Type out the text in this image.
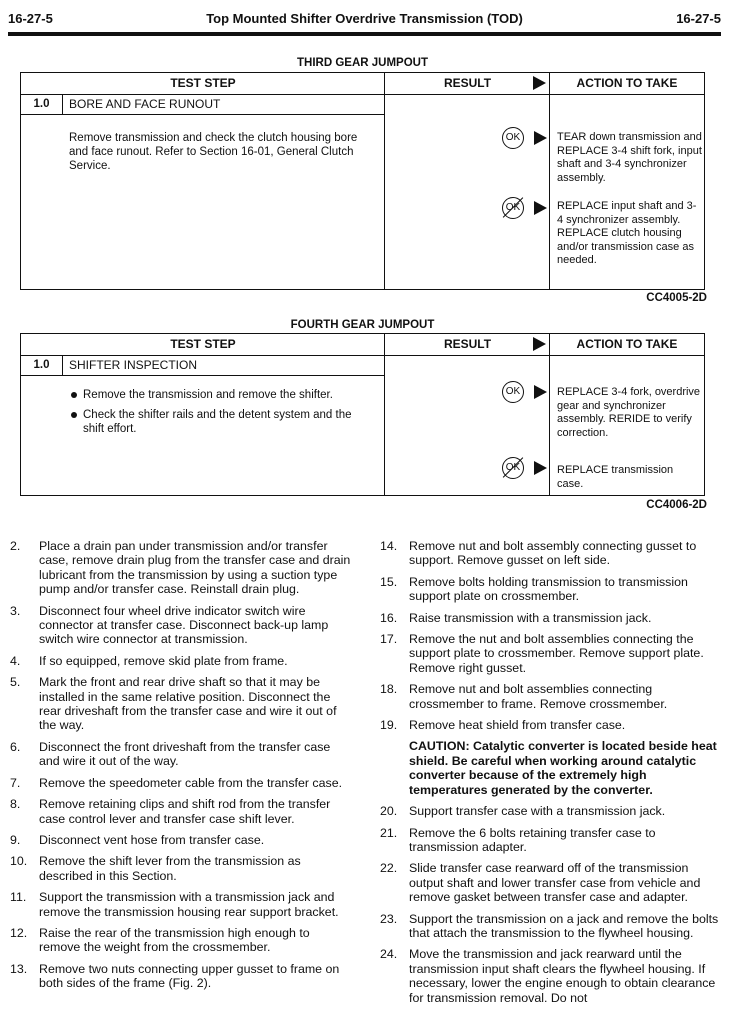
16-27-5	Top Mounted Shifter Overdrive Transmission (TOD)	16-27-5
THIRD GEAR JUMPOUT
TEST STEP	RESULT	ACTION TO TAKE
1.0	BORE AND FACE RUNOUT
Remove transmission and check the clutch housing bore and face runout. Refer to Section 16-01, General Clutch Service.
OK	TEAR down transmission and REPLACE 3-4 shift fork, input shaft and 3-4 synchronizer assembly.
OK	REPLACE input shaft and 3-4 synchronizer assembly. REPLACE clutch housing and/or transmission case as needed.
CC4005-2D
FOURTH GEAR JUMPOUT
TEST STEP	RESULT	ACTION TO TAKE
1.0	SHIFTER INSPECTION
Remove the transmission and remove the shifter.
Check the shifter rails and the detent system and the shift effort.
OK	REPLACE 3-4 fork, overdrive gear and synchronizer assembly. RERIDE to verify correction.
OK	REPLACE transmission case.
CC4006-2D
2.	Place a drain pan under transmission and/or transfer case, remove drain plug from the transfer case and drain lubricant from the transmission by using a suction type pump and/or transfer case. Reinstall drain plug.
3.	Disconnect four wheel drive indicator switch wire connector at transfer case. Disconnect back-up lamp switch wire connector at transmission.
4.	If so equipped, remove skid plate from frame.
5.	Mark the front and rear drive shaft so that it may be installed in the same relative position. Disconnect the rear driveshaft from the transfer case and wire it out of the way.
6.	Disconnect the front driveshaft from the transfer case and wire it out of the way.
7.	Remove the speedometer cable from the transfer case.
8.	Remove retaining clips and shift rod from the transfer case control lever and transfer case shift lever.
9.	Disconnect vent hose from transfer case.
10. Remove the shift lever from the transmission as described in this Section.
11.	Support the transmission with a transmission jack and remove the transmission housing rear support bracket.
12. Raise the rear of the transmission high enough to remove the weight from the crossmember.
13. Remove two nuts connecting upper gusset to frame on both sides of the frame (Fig. 2).
14. Remove nut and bolt assembly connecting gusset to support. Remove gusset on left side.
15. Remove bolts holding transmission to transmission support plate on crossmember.
16. Raise transmission with a transmission jack.
17. Remove the nut and bolt assemblies connecting the support plate to crossmember. Remove support plate. Remove right gusset.
18. Remove nut and bolt assemblies connecting crossmember to frame. Remove crossmember.
19. Remove heat shield from transfer case.
CAUTION: Catalytic converter is located beside heat shield. Be careful when working around catalytic converter because of the extremely high temperatures generated by the converter.
20. Support transfer case with a transmission jack.
21. Remove the 6 bolts retaining transfer case to transmission adapter.
22. Slide transfer case rearward off of the transmission output shaft and lower transfer case from vehicle and remove gasket between transfer case and adapter.
23. Support the transmission on a jack and remove the bolts that attach the transmission to the flywheel housing.
24. Move the transmission and jack rearward until the transmission input shaft clears the flywheel housing. If necessary, lower the engine enough to obtain clearance for transmission removal. Do not
